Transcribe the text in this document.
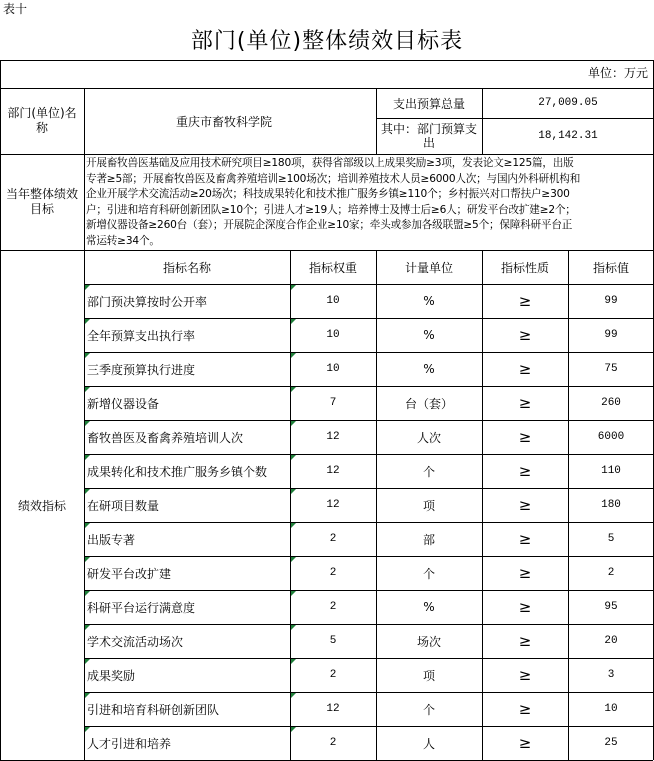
表十
部门(单位)整体绩效目标表
单位：万元
部门(单位)名称	重庆市畜牧科学院
支出预算总量	27,009.05
其中：部门预算支出	18,142.31
当年整体绩效目标
开展畜牧兽医基础及应用技术研究项目≥180项，获得省部级以上成果奖励≥3项，发表论文≥125篇，出版
专著≥5部；开展畜牧兽医及畜禽养殖培训≥100场次；培训养殖技术人员≥6000人次；与国内外科研机构和
企业开展学术交流活动≥20场次；科技成果转化和技术推广服务乡镇≥110个；乡村振兴对口帮扶户≥300
户；引进和培育科研创新团队≥10个；引进人才≥19人；培养博士及博士后≥6人；研发平台改扩建≥2个；
新增仪器设备≥260台（套）；开展院企深度合作企业≥10家；牵头或参加各级联盟≥5个；保障科研平台正
常运转≥34个。
绩效指标
指标名称	指标权重	计量单位	指标性质	指标值
部门预决算按时公开率	10	%	≥	99
全年预算支出执行率	10	%	≥	99
三季度预算执行进度	10	%	≥	75
新增仪器设备	7	台（套）	≥	260
畜牧兽医及畜禽养殖培训人次	12	人次	≥	6000
成果转化和技术推广服务乡镇个数	12	个	≥	110
在研项目数量	12	项	≥	180
出版专著	2	部	≥	5
研发平台改扩建	2	个	≥	2
科研平台运行满意度	2	%	≥	95
学术交流活动场次	5	场次	≥	20
成果奖励	2	项	≥	3
引进和培育科研创新团队	12	个	≥	10
人才引进和培养	2	人	≥	25
